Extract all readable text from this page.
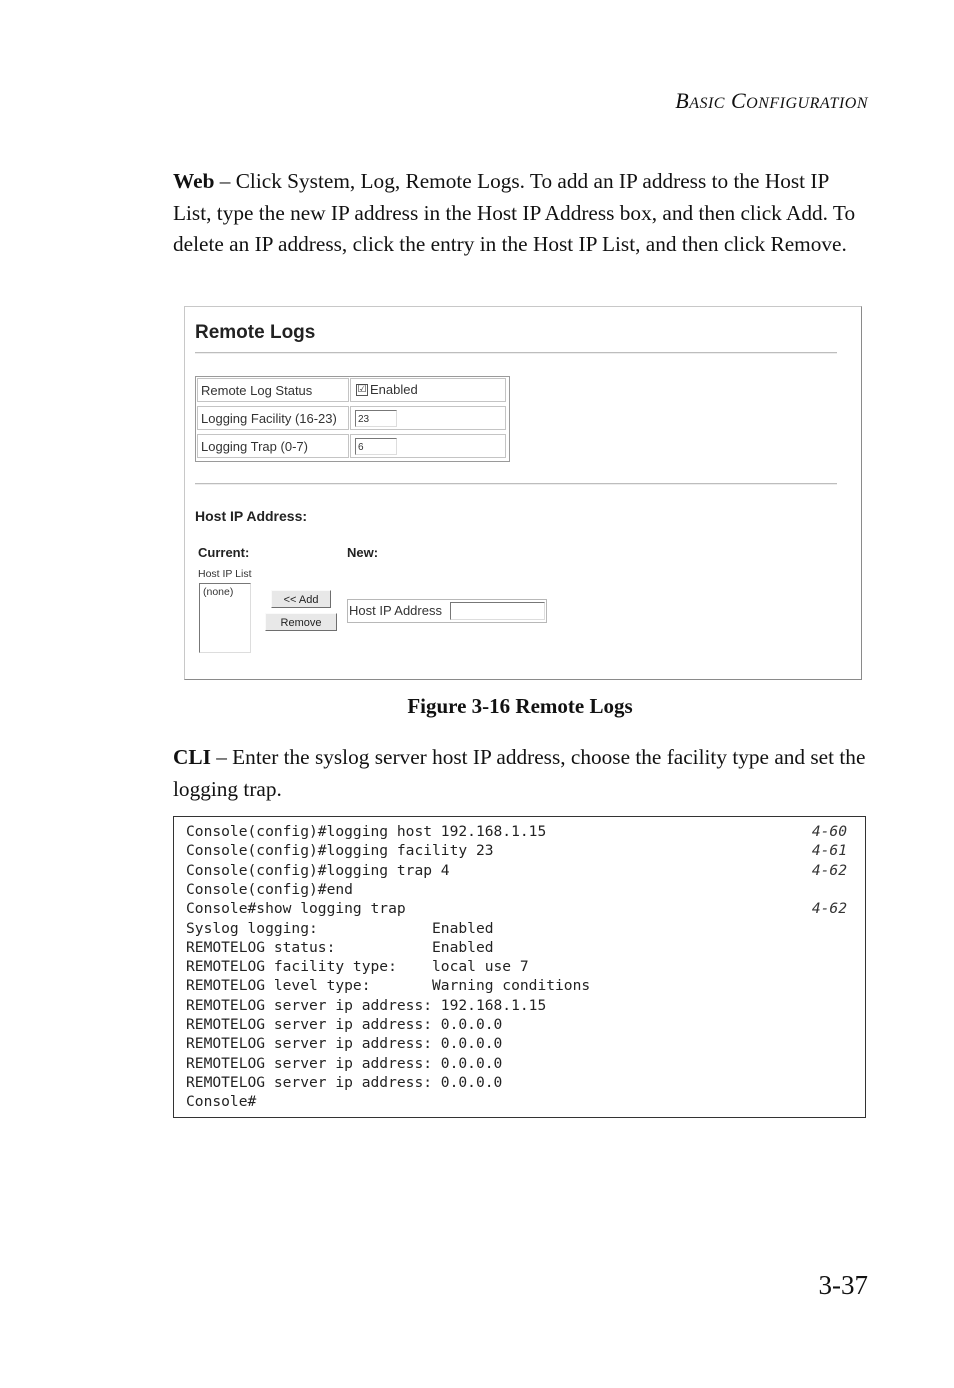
BASIC CONFIGURATION
Web – Click System, Log, Remote Logs. To add an IP address to the Host IP List, type the new IP address in the Host IP Address box, and then click Add. To delete an IP address, click the entry in the Host IP List, and then click Remove.
Remote Logs
Remote Log Status	☑ Enabled
Logging Facility (16-23)	23
Logging Trap (0-7)	6
Host IP Address:
Current:	New:
Host IP List
(none)
<< Add
Remove
Host IP Address
Figure 3-16 Remote Logs
CLI – Enter the syslog server host IP address, choose the facility type and set the logging trap.
Console(config)#logging host 192.168.1.15	4-60
Console(config)#logging facility 23	4-61
Console(config)#logging trap 4	4-62
Console(config)#end
Console#show logging trap	4-62
Syslog logging:             Enabled
REMOTELOG status:           Enabled
REMOTELOG facility type:    local use 7
REMOTELOG level type:       Warning conditions
REMOTELOG server ip address: 192.168.1.15
REMOTELOG server ip address: 0.0.0.0
REMOTELOG server ip address: 0.0.0.0
REMOTELOG server ip address: 0.0.0.0
REMOTELOG server ip address: 0.0.0.0
Console#
3-37
